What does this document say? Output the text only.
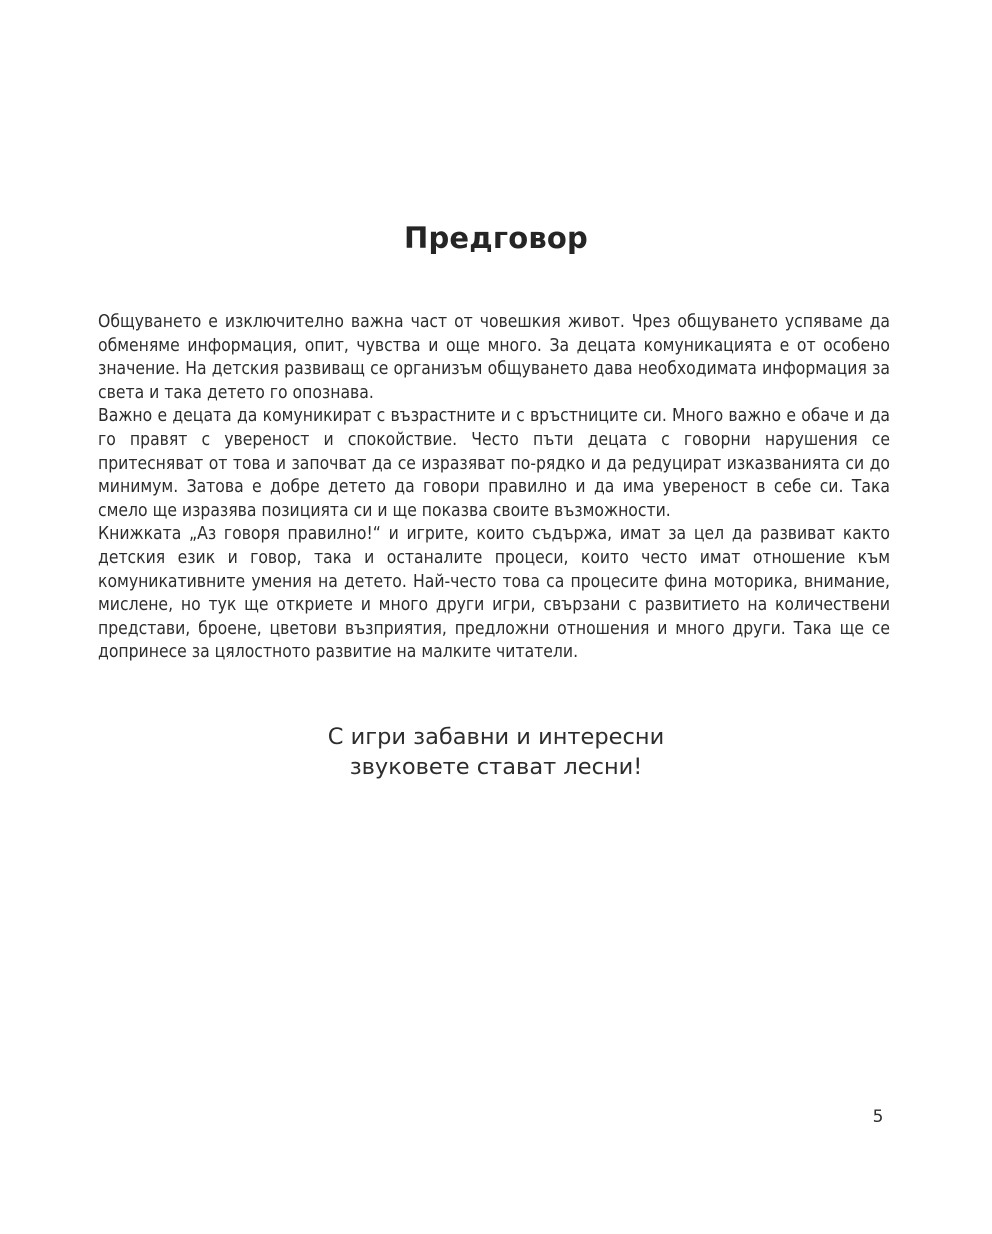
Предговор

Общуването е изключително важна част от човешкия живот. Чрез общуването успяваме да обменяме информация, опит, чувства и още много. За децата комуникацията е от особено значение. На детския развиващ се организъм общуването дава необходимата информация за света и така детето го опознава.

Важно е децата да комуникират с възрастните и с връстниците си. Много важно е обаче и да го правят с увереност и спокойствие. Често пъти децата с говорни нарушения се притесняват от това и започват да се изразяват по-рядко и да редуцират изказванията си до минимум. Затова е добре детето да говори правилно и да има увереност в себе си. Така смело ще изразява позицията си и ще показва своите възможности.

Книжката „Аз говоря правилно!“ и игрите, които съдържа, имат за цел да развиват както детския език и говор, така и останалите процеси, които често имат отношение към комуникативните умения на детето. Най-често това са процесите фина моторика, внимание, мислене, но тук ще откриете и много други игри, свързани с развитието на количествени представи, броене, цветови възприятия, предложни отношения и много други. Така ще се допринесе за цялостното развитие на малките читатели.

С игри забавни и интересни
звуковете стават лесни!
5
